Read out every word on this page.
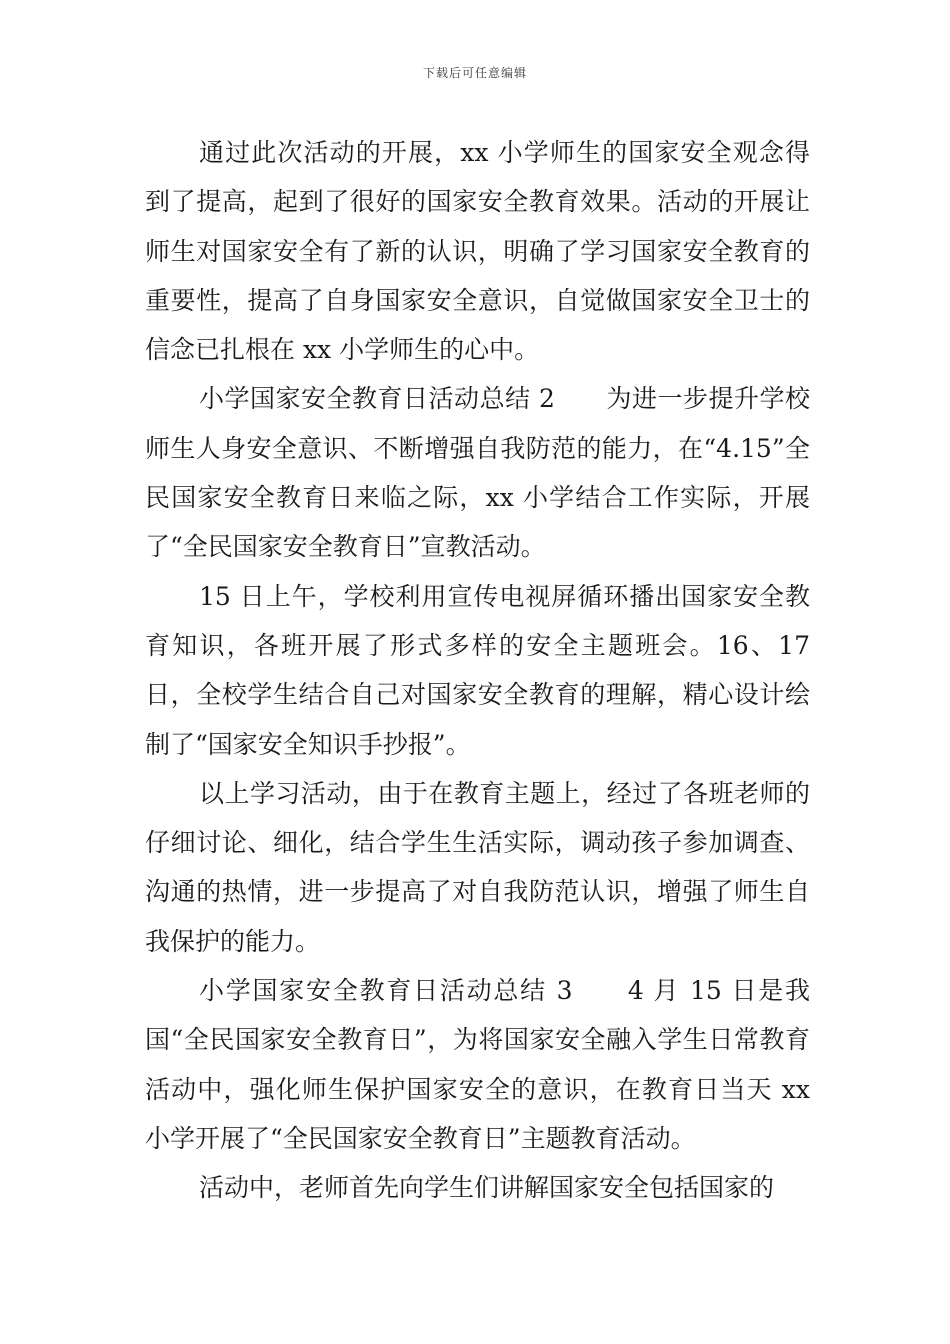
下载后可任意编辑

通过此次活动的开展，xx 小学师生的国家安全观念得到了提高，起到了很好的国家安全教育效果。活动的开展让师生对国家安全有了新的认识，明确了学习国家安全教育的重要性，提高了自身国家安全意识，自觉做国家安全卫士的信念已扎根在 xx 小学师生的心中。

小学国家安全教育日活动总结 2　　为进一步提升学校师生人身安全意识、不断增强自我防范的能力，在“4.15”全民国家安全教育日来临之际，xx 小学结合工作实际，开展了“全民国家安全教育日”宣教活动。

15 日上午，学校利用宣传电视屏循环播出国家安全教育知识，各班开展了形式多样的安全主题班会。16、17 日，全校学生结合自己对国家安全教育的理解，精心设计绘制了“国家安全知识手抄报”。

以上学习活动，由于在教育主题上，经过了各班老师的仔细讨论、细化，结合学生生活实际，调动孩子参加调查、沟通的热情，进一步提高了对自我防范认识，增强了师生自我保护的能力。

小学国家安全教育日活动总结 3　　4 月 15 日是我国“全民国家安全教育日”，为将国家安全融入学生日常教育活动中，强化师生保护国家安全的意识，在教育日当天 xx 小学开展了“全民国家安全教育日”主题教育活动。

活动中，老师首先向学生们讲解国家安全包括国家的
